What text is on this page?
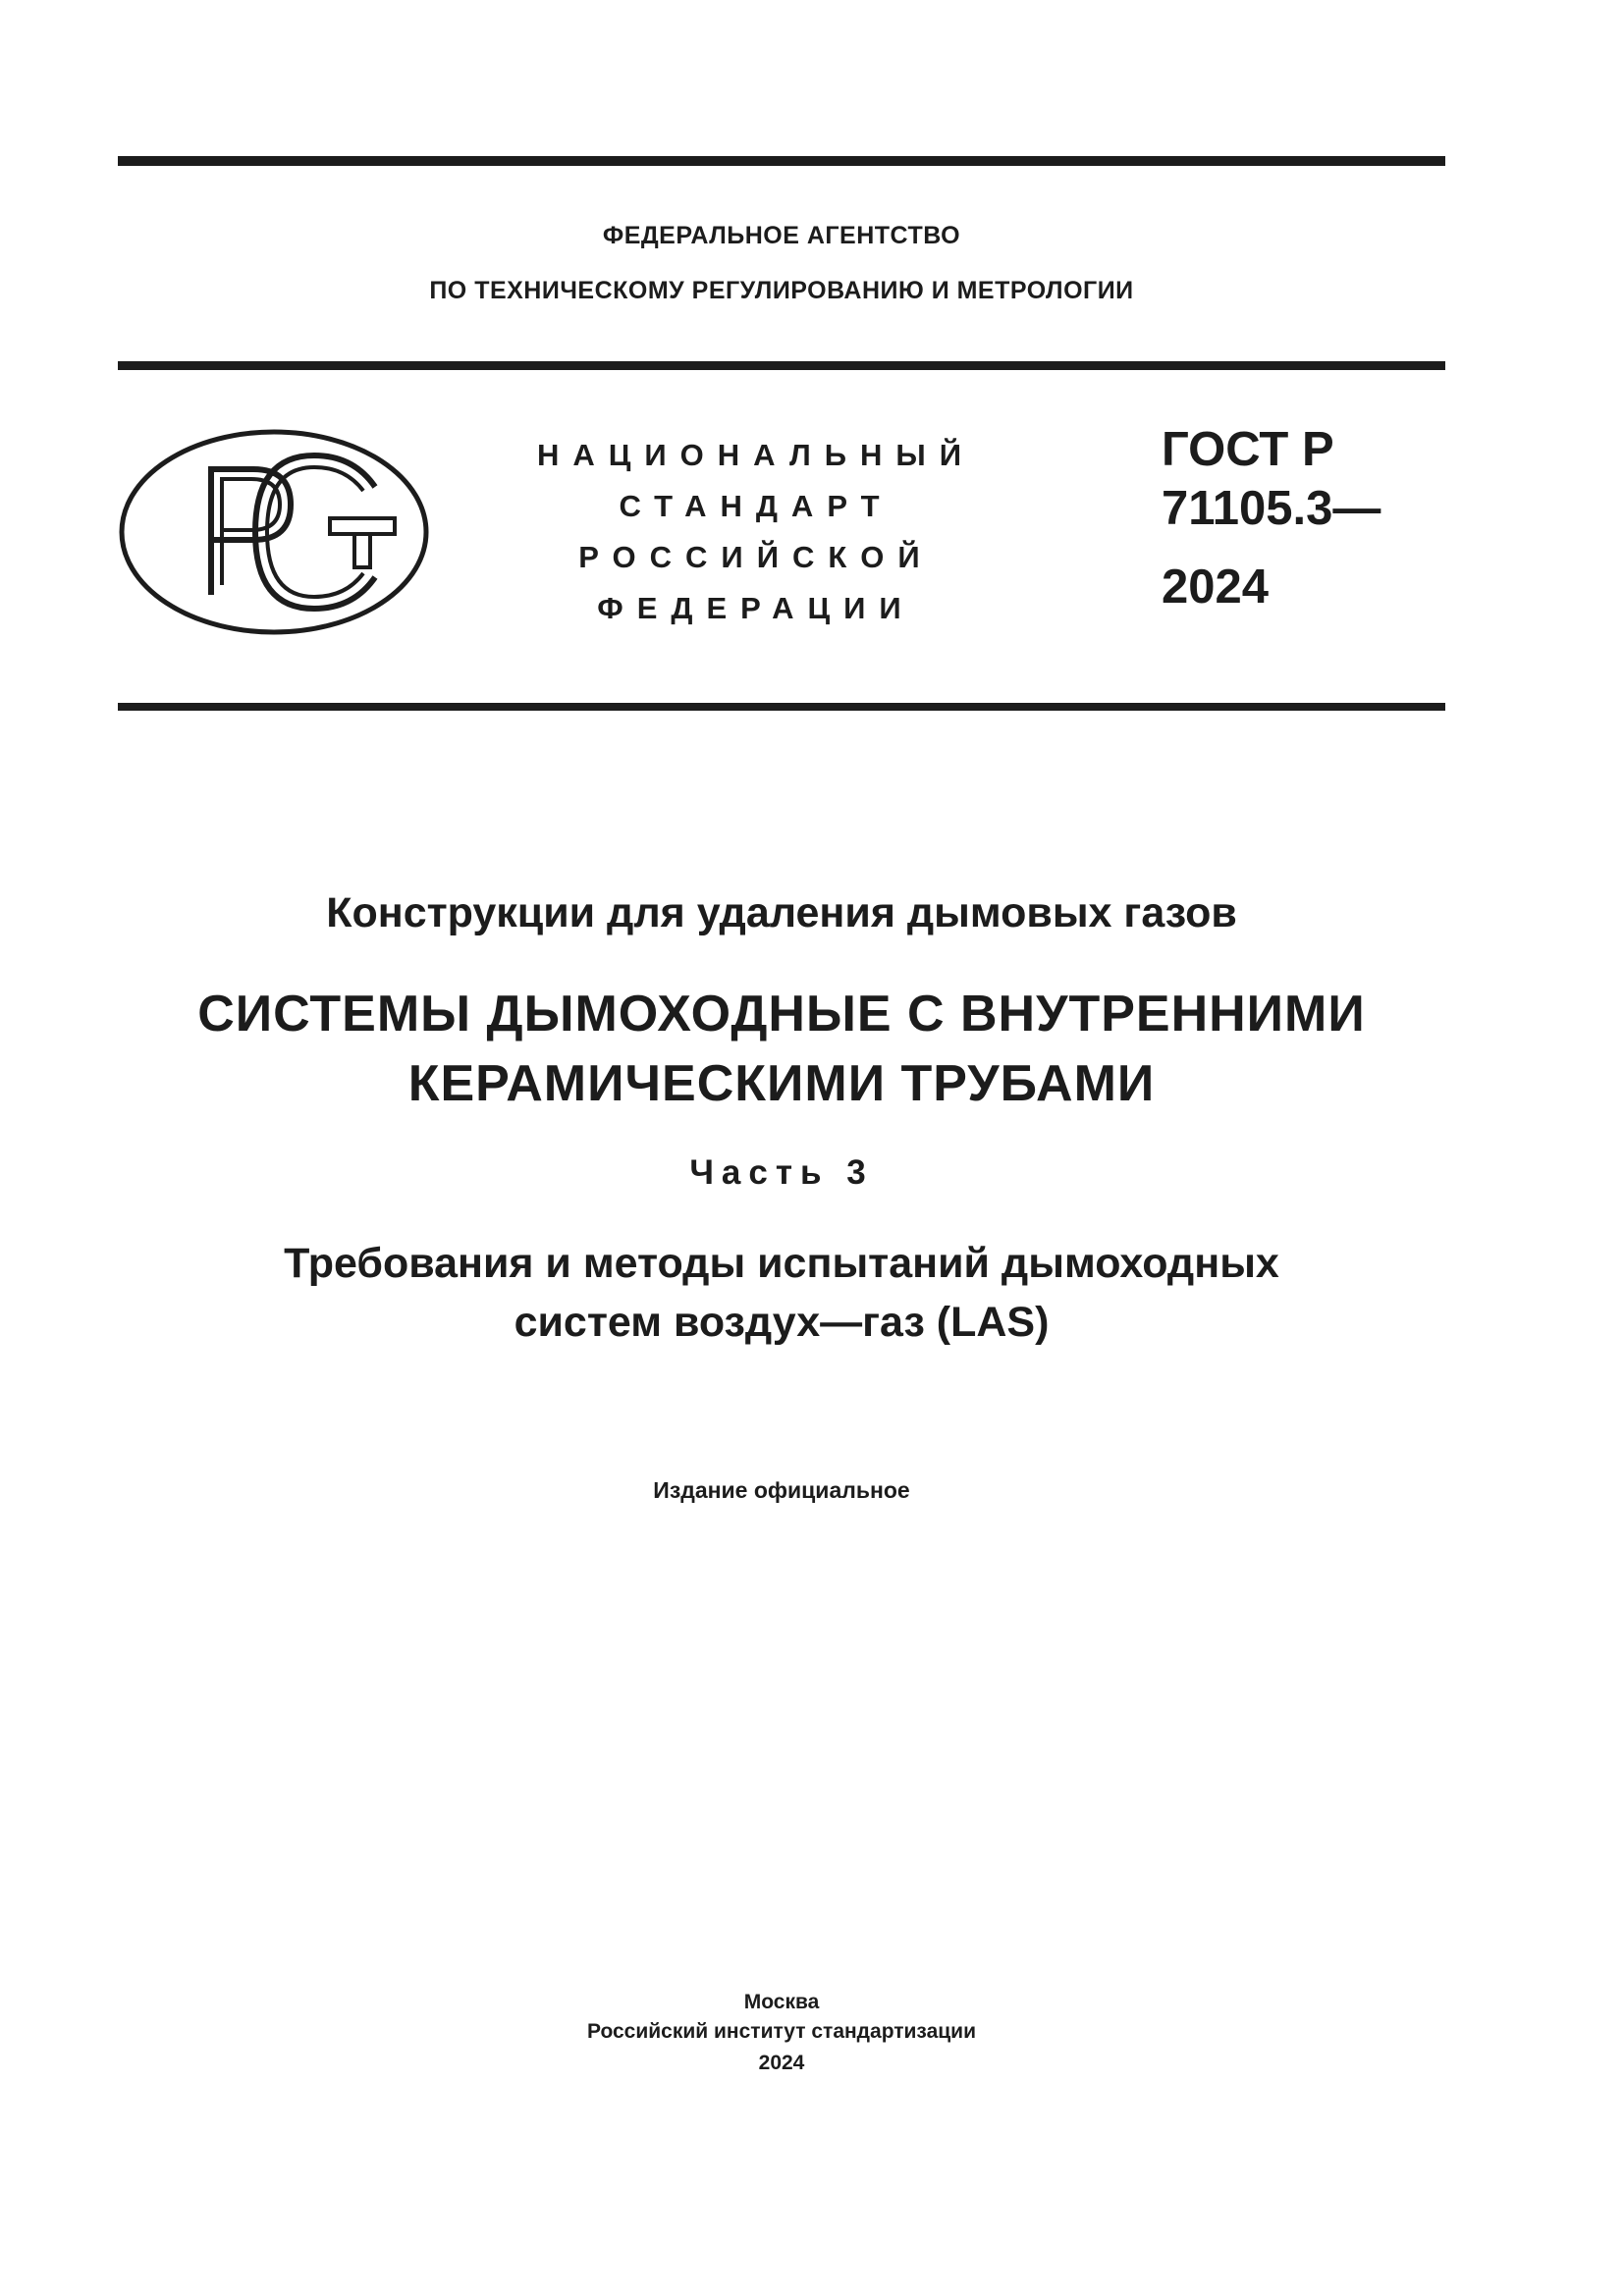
ФЕДЕРАЛЬНОЕ АГЕНТСТВО
ПО ТЕХНИЧЕСКОМУ РЕГУЛИРОВАНИЮ И МЕТРОЛОГИИ
НАЦИОНАЛЬНЫЙ
СТАНДАРТ
РОССИЙСКОЙ
ФЕДЕРАЦИИ
ГОСТ Р
71105.3—
2024
Конструкции для удаления дымовых газов
СИСТЕМЫ ДЫМОХОДНЫЕ С ВНУТРЕННИМИ
КЕРАМИЧЕСКИМИ ТРУБАМИ
Часть 3
Требования и методы испытаний дымоходных
систем воздух—газ (LAS)
Издание официальное
Москва
Российский институт стандартизации
2024
